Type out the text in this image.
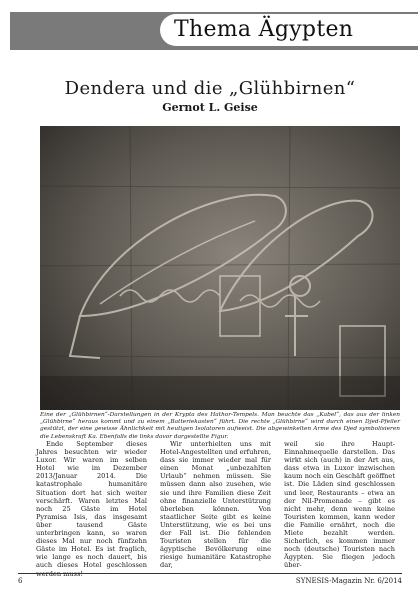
Thema Ägypten
Dendera und die „Glühbirnen“
Gernot L. Geise
Eine der „Glühbirnen“-Darstellungen in der Krypta des Hathor-Tempels. Man beachte das „Kabel“, das aus der linken „Glühbirne“ heraus kommt und zu einem „Batteriekasten“ führt. Die rechte „Glühbirne“ wird durch einen Djed-Pfeiler gestützt, der eine gewisse Ähnlichkeit mit heutigen Isolatoren aufweist. Die abgewinkelten Arme des Djed symbolisieren die Lebenskraft Ka. Ebenfalls die links davor dargestellte Figur.
Ende September dieses Jahres besuchten wir wieder Luxor. Wir waren im selben Hotel wie im Dezember 2013/Januar 2014. Die katastrophale humanitäre Situation dort hat sich weiter verschärft. Waren letztes Mal noch 25 Gäste im Hotel Pyramisa Isis, das insgesamt über tausend Gäste unterbringen kann, so waren dieses Mal nur noch fünfzehn Gäste im Hotel. Es ist fraglich, wie lange es noch dauert, bis auch dieses Hotel geschlossen werden muss!
Wir unterhielten uns mit Hotel-Angestellten und erfuhren, dass sie immer wieder mal für einen Monat „unbezahlten Urlaub“ nehmen müssen. Sie müssen dann also zusehen, wie sie und ihre Familien diese Zeit ohne finanzielle Unterstützung überleben können. Von staatlicher Seite gibt es keine Unterstützung, wie es bei uns der Fall ist. Die fehlenden Touristen stellen für die ägyptische Bevölkerung eine riesige humanitäre Katastrophe dar,
weil sie ihre Haupt-Einnahmequelle darstellen. Das wirkt sich (auch) in der Art aus, dass etwa in Luxor inzwischen kaum noch ein Geschäft geöffnet ist. Die Läden sind geschlossen und leer, Restaurants – etwa an der Nil-Promenade – gibt es nicht mehr, denn wenn keine Touristen kommen, kann weder die Familie ernährt, noch die Miete bezahlt werden. Sicherlich, es kommen immer noch (deutsche) Touristen nach Ägypten. Sie fliegen jedoch über-
6	SYNESIS-Magazin Nr. 6/2014
